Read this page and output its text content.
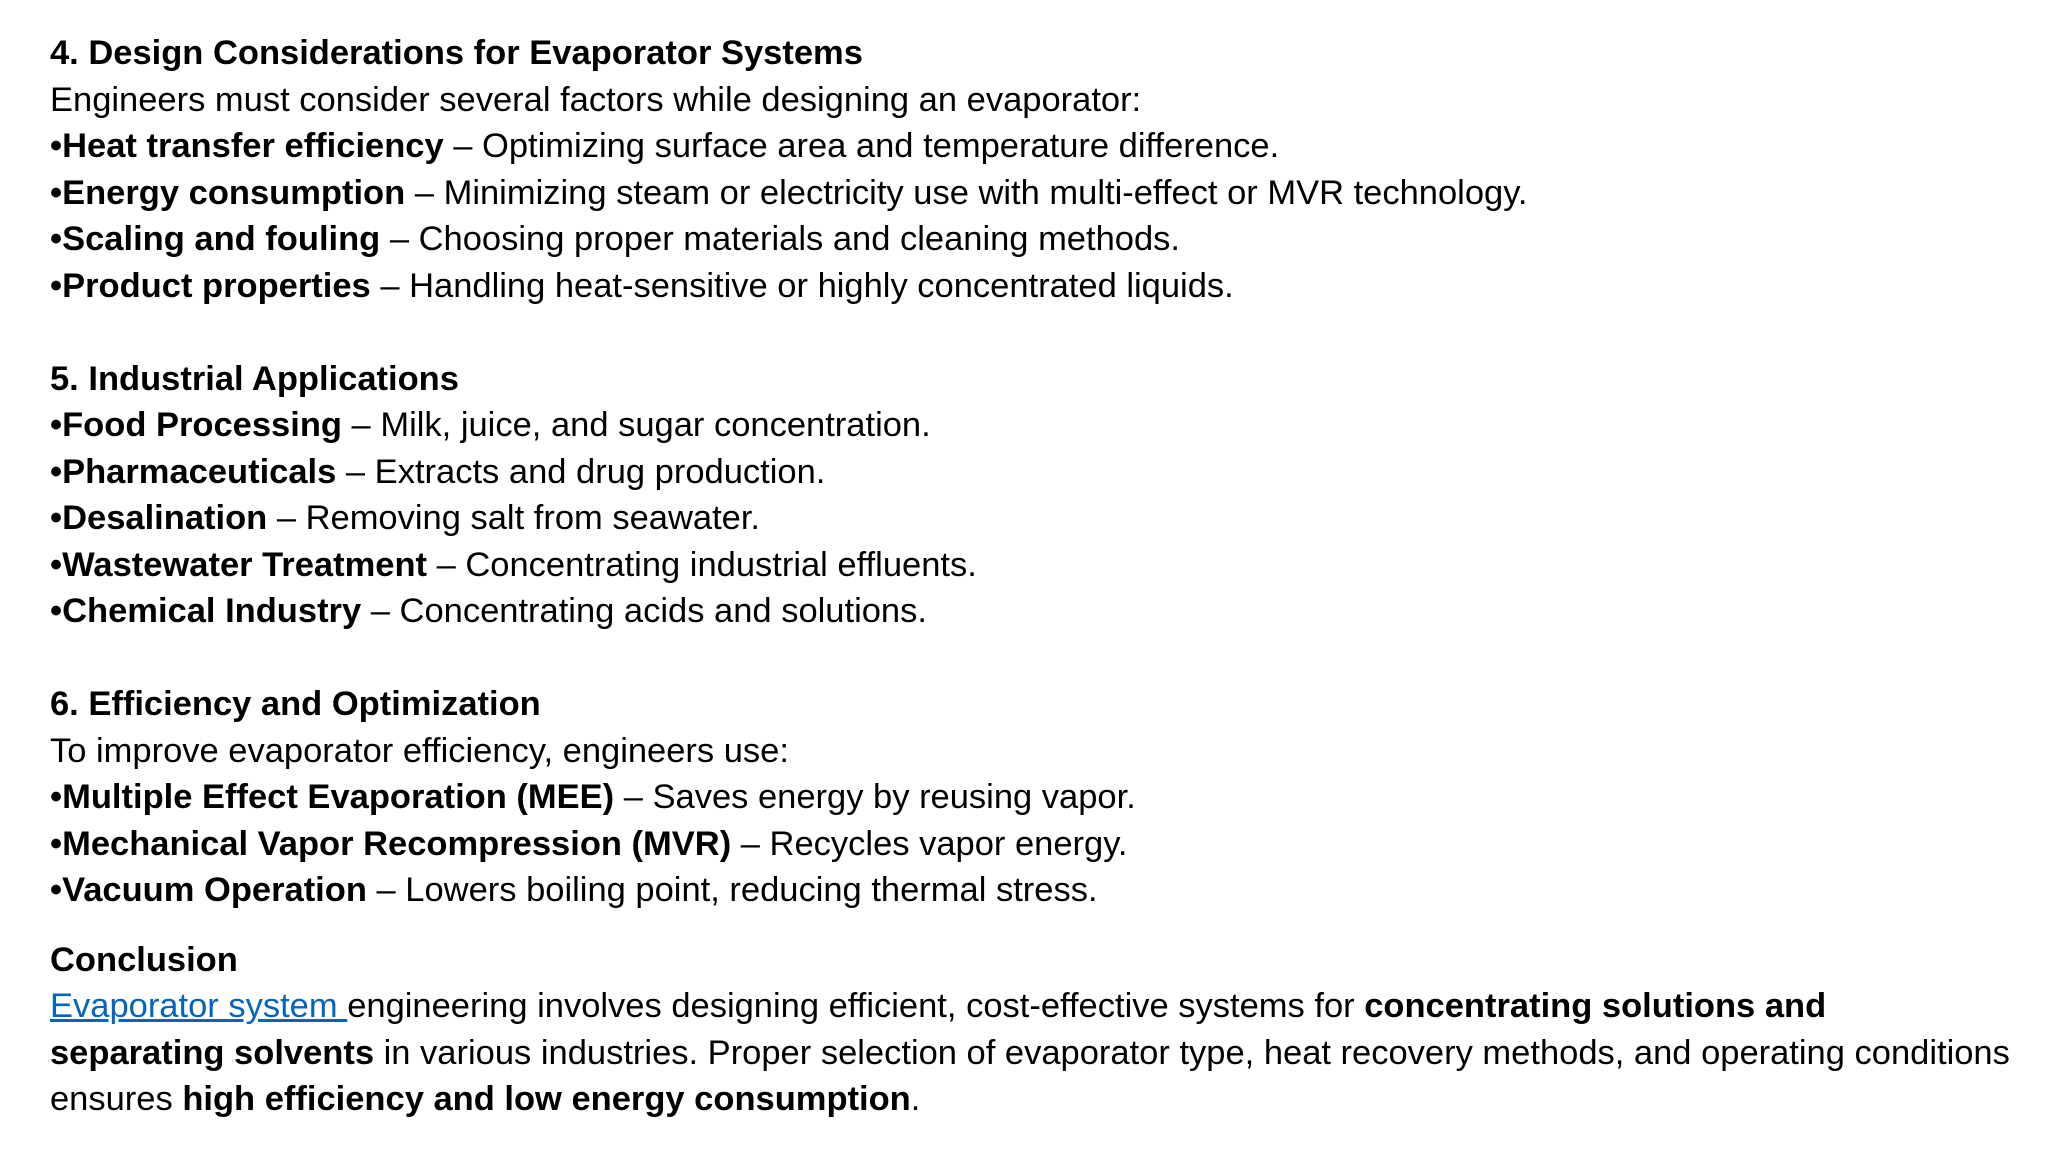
4. Design Considerations for Evaporator Systems
Engineers must consider several factors while designing an evaporator:
•Heat transfer efficiency – Optimizing surface area and temperature difference.
•Energy consumption – Minimizing steam or electricity use with multi-effect or MVR technology.
•Scaling and fouling – Choosing proper materials and cleaning methods.
•Product properties – Handling heat-sensitive or highly concentrated liquids.
5. Industrial Applications
•Food Processing – Milk, juice, and sugar concentration.
•Pharmaceuticals – Extracts and drug production.
•Desalination – Removing salt from seawater.
•Wastewater Treatment – Concentrating industrial effluents.
•Chemical Industry – Concentrating acids and solutions.
6. Efficiency and Optimization
To improve evaporator efficiency, engineers use:
•Multiple Effect Evaporation (MEE) – Saves energy by reusing vapor.
•Mechanical Vapor Recompression (MVR) – Recycles vapor energy.
•Vacuum Operation – Lowers boiling point, reducing thermal stress.
Conclusion
Evaporator system engineering involves designing efficient, cost-effective systems for concentrating solutions and separating solvents in various industries. Proper selection of evaporator type, heat recovery methods, and operating conditions ensures high efficiency and low energy consumption.
